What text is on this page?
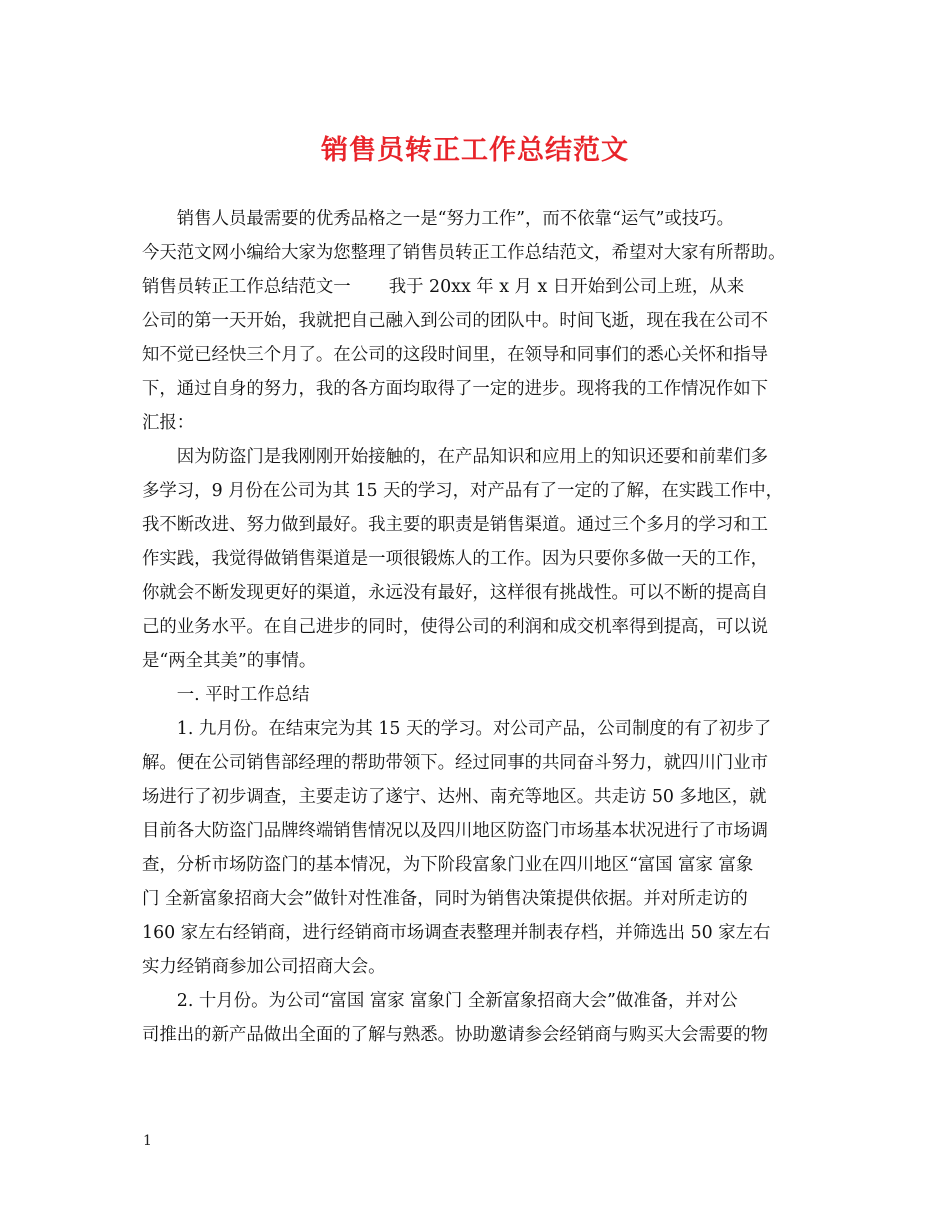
销售员转正工作总结范文
　　销售人员最需要的优秀品格之一是“努力工作”，而不依靠“运气”或技巧。
今天范文网小编给大家为您整理了销售员转正工作总结范文，希望对大家有所帮助。
销售员转正工作总结范文一 我于 20xx 年 x 月 x 日开始到公司上班，从来
公司的第一天开始，我就把自己融入到公司的团队中。时间飞逝，现在我在公司不
知不觉已经快三个月了。在公司的这段时间里，在领导和同事们的悉心关怀和指导
下，通过自身的努力，我的各方面均取得了一定的进步。现将我的工作情况作如下
汇报：
　　因为防盗门是我刚刚开始接触的，在产品知识和应用上的知识还要和前辈们多
多学习，9 月份在公司为其 15 天的学习，对产品有了一定的了解，在实践工作中，
我不断改进、努力做到最好。我主要的职责是销售渠道。通过三个多月的学习和工
作实践，我觉得做销售渠道是一项很锻炼人的工作。因为只要你多做一天的工作，
你就会不断发现更好的渠道，永远没有最好，这样很有挑战性。可以不断的提高自
己的业务水平。在自己进步的同时，使得公司的利润和成交机率得到提高，可以说
是“两全其美”的事情。
　　一. 平时工作总结
　　1. 九月份。在结束完为其 15 天的学习。对公司产品，公司制度的有了初步了
解。便在公司销售部经理的帮助带领下。经过同事的共同奋斗努力，就四川门业市
场进行了初步调查，主要走访了遂宁、达州、南充等地区。共走访 50 多地区，就
目前各大防盗门品牌终端销售情况以及四川地区防盗门市场基本状况进行了市场调
查，分析市场防盗门的基本情况，为下阶段富象门业在四川地区“富国 富家 富象
门 全新富象招商大会”做针对性准备，同时为销售决策提供依据。并对所走访的
160 家左右经销商，进行经销商市场调查表整理并制表存档，并筛选出 50 家左右
实力经销商参加公司招商大会。
　　2. 十月份。为公司“富国 富家 富象门 全新富象招商大会”做准备，并对公
司推出的新产品做出全面的了解与熟悉。协助邀请参会经销商与购买大会需要的物
1
